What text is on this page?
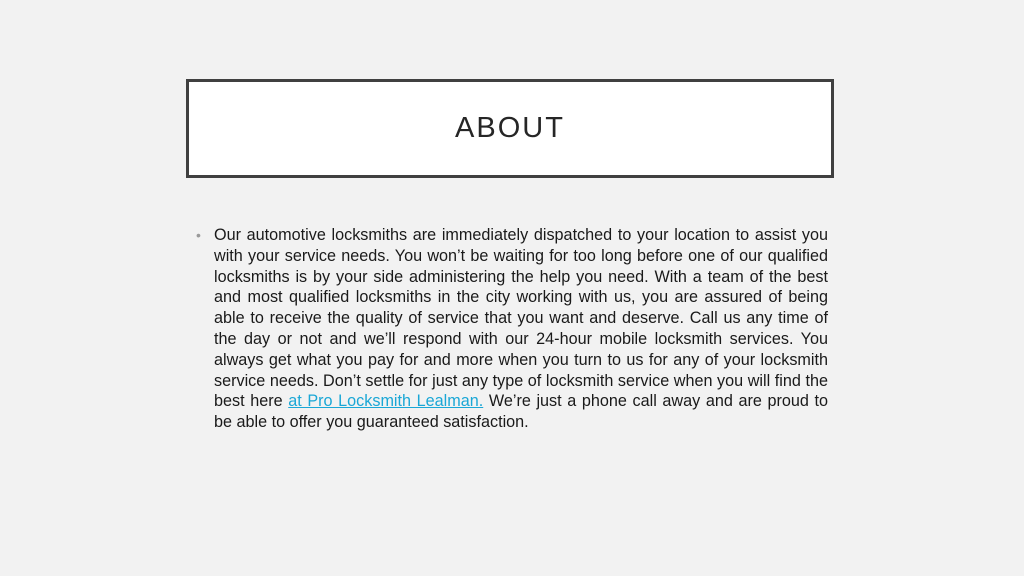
ABOUT
• Our automotive locksmiths are immediately dispatched to your location to assist you with your service needs. You won’t be waiting for too long before one of our qualified locksmiths is by your side administering the help you need. With a team of the best and most qualified locksmiths in the city working with us, you are assured of being able to receive the quality of service that you want and deserve. Call us any time of the day or not and we’ll respond with our 24-hour mobile locksmith services. You always get what you pay for and more when you turn to us for any of your locksmith service needs. Don’t settle for just any type of locksmith service when you will find the best here at Pro Locksmith Lealman. We’re just a phone call away and are proud to be able to offer you guaranteed satisfaction.
